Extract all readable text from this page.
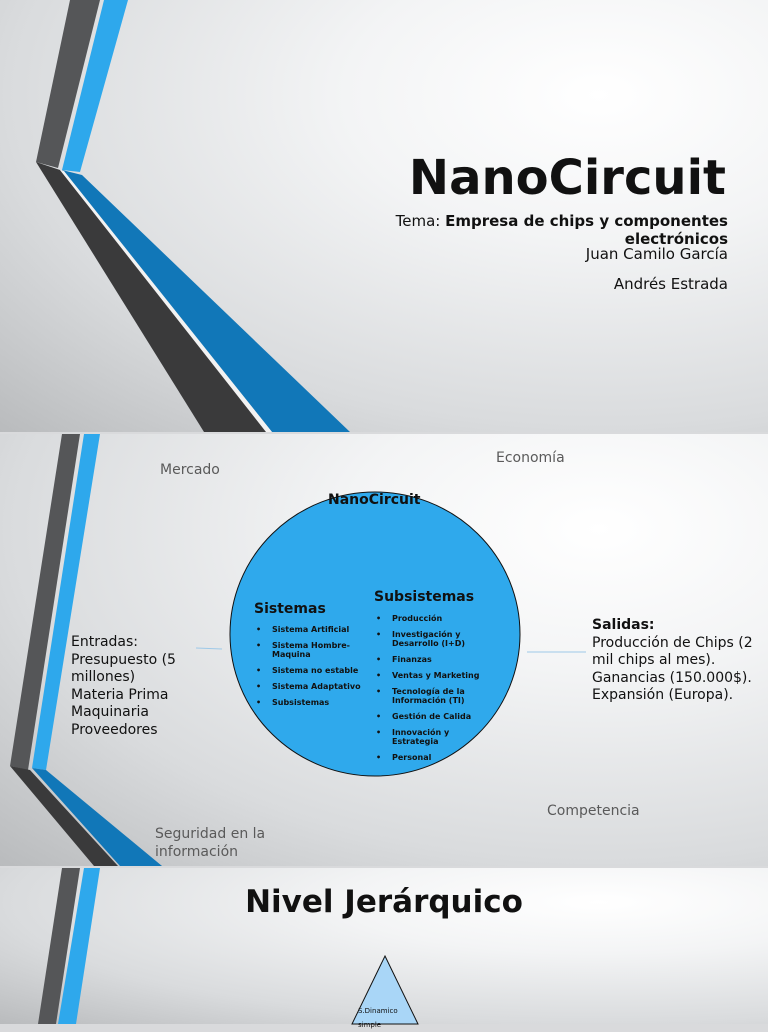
NanoCircuit
Tema: Empresa de chips y componentes electrónicos
Juan Camilo García
Andrés Estrada
Mercado
Economía
NanoCircuit
Sistemas
• Sistema Artificial
• Sistema Hombre-Maquina
• Sistema no estable
• Sistema Adaptativo
• Subsistemas
Subsistemas
• Producción
• Investigación y Desarrollo (I+D)
• Finanzas
• Ventas y Marketing
• Tecnología de la Información (TI)
• Gestión de Calida
• Innovación y Estrategia
• Personal
Entradas:
Presupuesto (5 millones)
Materia Prima
Maquinaria
Proveedores
Salidas:
Producción de Chips (2 mil chips al mes).
Ganancias (150.000$).
Expansión (Europa).
Competencia
Seguridad en la información
Nivel Jerárquico
S.Dinamico simple
